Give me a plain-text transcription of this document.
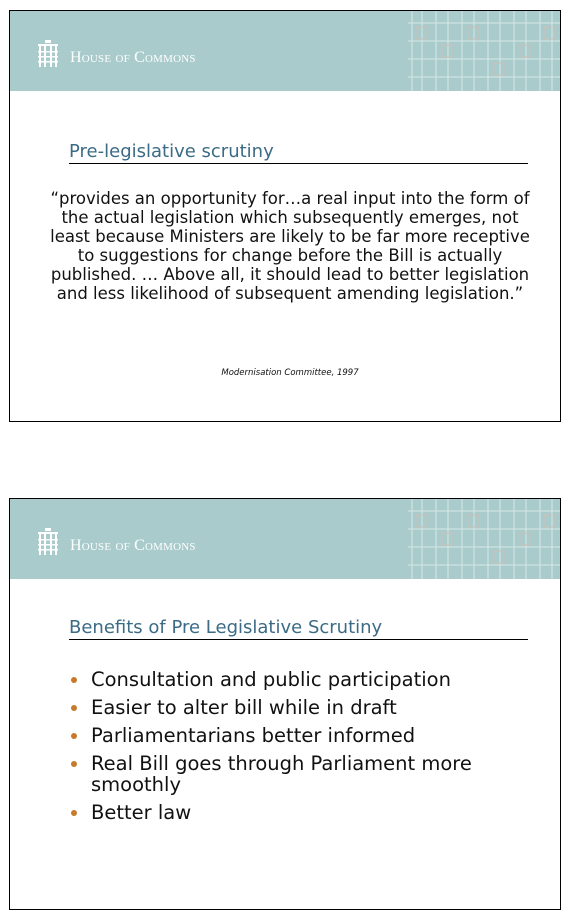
House of Commons
Pre-legislative scrutiny
“provides an opportunity for…a real input into the form of the actual legislation which subsequently emerges, not least because Ministers are likely to be far more receptive to suggestions for change before the Bill is actually published. … Above all, it should lead to better legislation and less likelihood of subsequent amending legislation.”
Modernisation Committee, 1997
House of Commons
Benefits of Pre Legislative Scrutiny
Consultation and public participation
Easier to alter bill while in draft
Parliamentarians better informed
Real Bill goes through Parliament more smoothly
Better law
